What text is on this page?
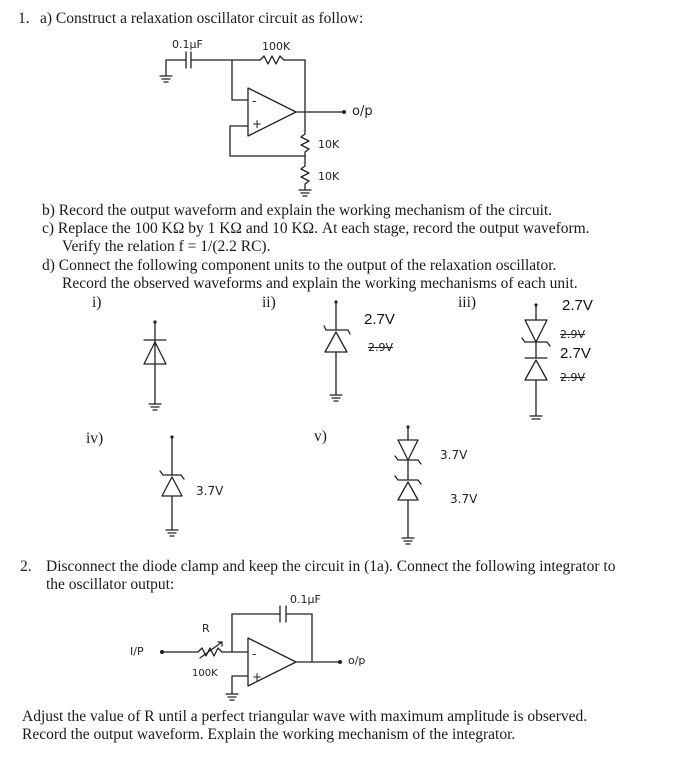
1. a) Construct a relaxation oscillator circuit as follow:
b) Record the output waveform and explain the working mechanism of the circuit.
c) Replace the 100 KΩ by 1 KΩ and 10 KΩ. At each stage, record the output waveform.
Verify the relation f = 1/(2.2 RC).
d) Connect the following component units to the output of the relaxation oscillator.
Record the observed waveforms and explain the working mechanisms of each unit.
i)	ii)	iii)
iv)	v)
2. Disconnect the diode clamp and keep the circuit in (1a). Connect the following integrator to
the oscillator output:
Adjust the value of R until a perfect triangular wave with maximum amplitude is observed.
Record the output waveform. Explain the working mechanism of the integrator.
0.1μF	100K
o/p
10K
10K
-
+
2.7V
2.9V
2.7V
2.9V
2.7V
2.9V
3.7V
3.7V
3.7V
0.1μF
R
I/P
100K
o/p
-
+
